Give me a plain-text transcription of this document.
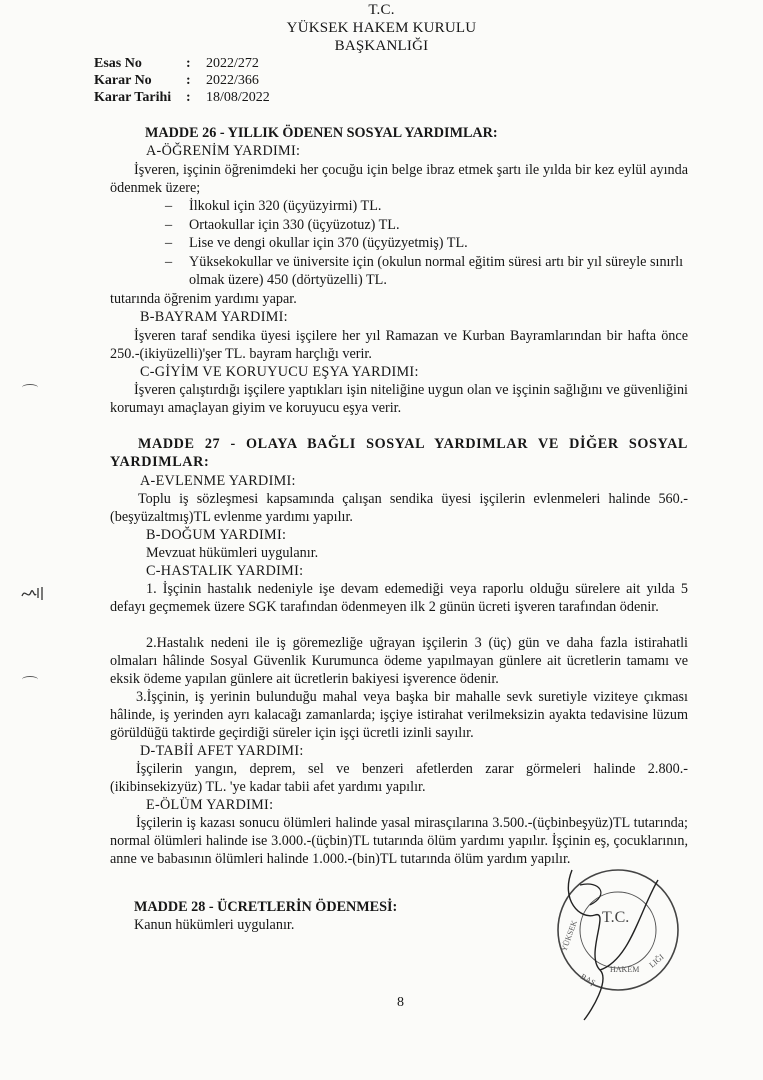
T.C.
YÜKSEK HAKEM KURULU
BAŞKANLIĞI
Esas No	: 2022/272
Karar No : 2022/366
Karar Tarihi : 18/08/2022
MADDE 26 - YILLIK ÖDENEN SOSYAL YARDIMLAR:
A-ÖĞRENİM YARDIMI:
İşveren, işçinin öğrenimdeki her çocuğu için belge ibraz etmek şartı ile yılda bir kez eylül ayında ödenmek üzere;
– İlkokul için 320 (üçyüzyirmi) TL.
– Ortaokullar için 330 (üçyüzotuz) TL.
– Lise ve dengi okullar için 370 (üçyüzyetmiş) TL.
– Yüksekokullar ve üniversite için (okulun normal eğitim süresi artı bir yıl süreyle sınırlı olmak üzere) 450 (dörtyüzelli) TL.
tutarında öğrenim yardımı yapar.
B-BAYRAM YARDIMI:
İşveren taraf sendika üyesi işçilere her yıl Ramazan ve Kurban Bayramlarından bir hafta önce 250.-(ikiyüzelli)'şer TL. bayram harçlığı verir.
C-GİYİM VE KORUYUCU EŞYA YARDIMI:
İşveren çalıştırdığı işçilere yaptıkları işin niteliğine uygun olan ve işçinin sağlığını ve güvenliğini korumayı amaçlayan giyim ve koruyucu eşya verir.
MADDE 27 - OLAYA BAĞLI SOSYAL YARDIMLAR VE DİĞER SOSYAL YARDIMLAR:
A-EVLENME YARDIMI:
Toplu iş sözleşmesi kapsamında çalışan sendika üyesi işçilerin evlenmeleri halinde 560.-(beşyüzaltmış)TL evlenme yardımı yapılır.
B-DOĞUM YARDIMI:
Mevzuat hükümleri uygulanır.
C-HASTALIK YARDIMI:
1. İşçinin hastalık nedeniyle işe devam edemediği veya raporlu olduğu sürelere ait yılda 5 defayı geçmemek üzere SGK tarafından ödenmeyen ilk 2 günün ücreti işveren tarafından ödenir.
2.Hastalık nedeni ile iş göremezliğe uğrayan işçilerin 3 (üç) gün ve daha fazla istirahatli olmaları hâlinde Sosyal Güvenlik Kurumunca ödeme yapılmayan günlere ait ücretlerin tamamı ve eksik ödeme yapılan günlere ait ücretlerin bakiyesi işverence ödenir.
3.İşçinin, iş yerinin bulunduğu mahal veya başka bir mahalle sevk suretiyle viziteye çıkması hâlinde, iş yerinden ayrı kalacağı zamanlarda; işçiye istirahat verilmeksizin ayakta tedavisine lüzum görüldüğü taktirde geçirdiği süreler için işçi ücretli izinli sayılır.
D-TABİİ AFET YARDIMI:
İşçilerin yangın, deprem, sel ve benzeri afetlerden zarar görmeleri halinde 2.800.-(ikibinsekizyüz) TL. 'ye kadar tabii afet yardımı yapılır.
E-ÖLÜM YARDIMI:
İşçilerin iş kazası sonucu ölümleri halinde yasal mirasçılarına 3.500.-(üçbinbeşyüz)TL tutarında; normal ölümleri halinde ise 3.000.-(üçbin)TL tutarında ölüm yardımı yapılır. İşçinin eş, çocuklarının, anne ve babasının ölümleri halinde 1.000.-(bin)TL tutarında ölüm yardım yapılır.
MADDE 28 - ÜCRETLERİN ÖDENMESİ:
Kanun hükümleri uygulanır.
8
T.C.
YÜKSEK
HAKEM
BAŞ
LIĞI
